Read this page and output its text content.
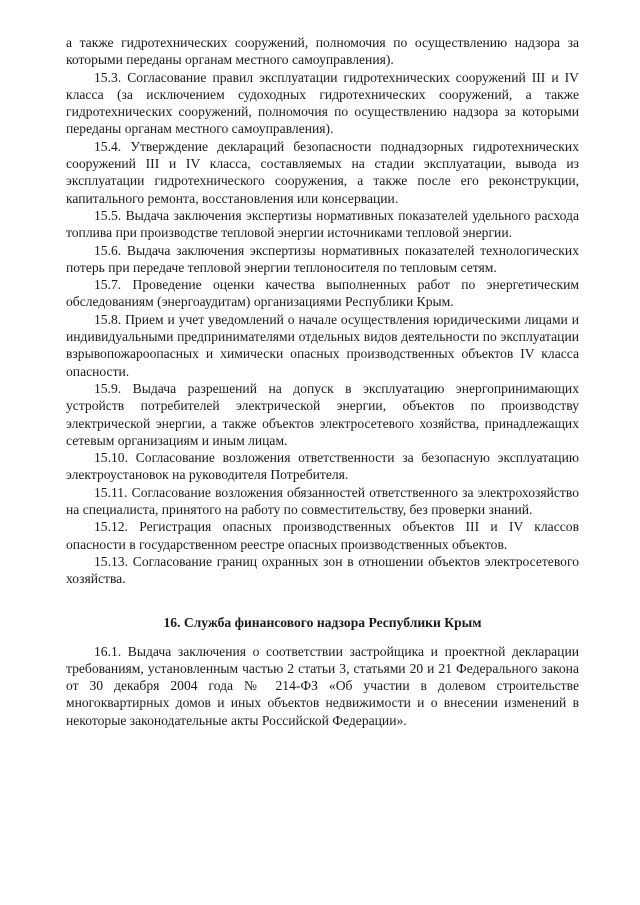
а также гидротехнических сооружений, полномочия по осуществлению надзора за которыми переданы органам местного самоуправления).

15.3. Согласование правил эксплуатации гидротехнических сооружений III и IV класса (за исключением судоходных гидротехнических сооружений, а также гидротехнических сооружений, полномочия по осуществлению надзора за которыми переданы органам местного самоуправления).

15.4. Утверждение деклараций безопасности поднадзорных гидротехнических сооружений III и IV класса, составляемых на стадии эксплуатации, вывода из эксплуатации гидротехнического сооружения, а также после его реконструкции, капитального ремонта, восстановления или консервации.

15.5. Выдача заключения экспертизы нормативных показателей удельного расхода топлива при производстве тепловой энергии источниками тепловой энергии.

15.6. Выдача заключения экспертизы нормативных показателей технологических потерь при передаче тепловой энергии теплоносителя по тепловым сетям.

15.7. Проведение оценки качества выполненных работ по энергетическим обследованиям (энергоаудитам) организациями Республики Крым.

15.8. Прием и учет уведомлений о начале осуществления юридическими лицами и индивидуальными предпринимателями отдельных видов деятельности по эксплуатации взрывопожароопасных и химически опасных производственных объектов IV класса опасности.

15.9. Выдача разрешений на допуск в эксплуатацию энергопринимающих устройств потребителей электрической энергии, объектов по производству электрической энергии, а также объектов электросетевого хозяйства, принадлежащих сетевым организациям и иным лицам.

15.10. Согласование возложения ответственности за безопасную эксплуатацию электроустановок на руководителя Потребителя.

15.11. Согласование возложения обязанностей ответственного за электрохозяйство на специалиста, принятого на работу по совместительству, без проверки знаний.

15.12. Регистрация опасных производственных объектов III и IV классов опасности в государственном реестре опасных производственных объектов.

15.13. Согласование границ охранных зон в отношении объектов электросетевого хозяйства.

16. Служба финансового надзора Республики Крым

16.1. Выдача заключения о соответствии застройщика и проектной декларации требованиям, установленным частью 2 статьи 3, статьями 20 и 21 Федерального закона от 30 декабря 2004 года № 214-ФЗ «Об участии в долевом строительстве многоквартирных домов и иных объектов недвижимости и о внесении изменений в некоторые законодательные акты Российской Федерации».
